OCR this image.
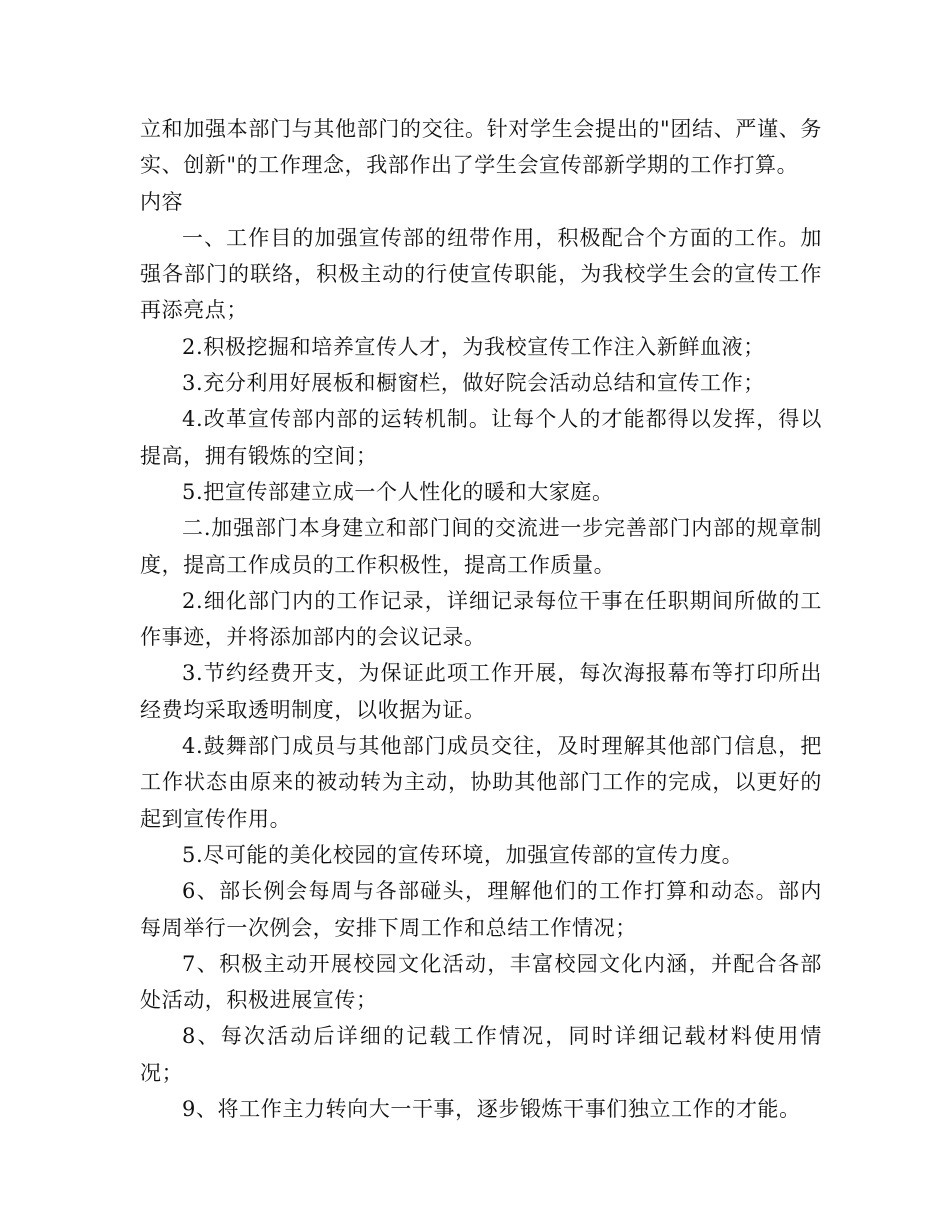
立和加强本部门与其他部门的交往。针对学生会提出的"团结、严谨、务实、创新"的工作理念，我部作出了学生会宣传部新学期的工作打算。

内容

一、工作目的加强宣传部的纽带作用，积极配合个方面的工作。加强各部门的联络，积极主动的行使宣传职能，为我校学生会的宣传工作再添亮点；

2.积极挖掘和培养宣传人才，为我校宣传工作注入新鲜血液；

3.充分利用好展板和橱窗栏，做好院会活动总结和宣传工作；

4.改革宣传部内部的运转机制。让每个人的才能都得以发挥，得以提高，拥有锻炼的空间；

5.把宣传部建立成一个人性化的暖和大家庭。

二.加强部门本身建立和部门间的交流进一步完善部门内部的规章制度，提高工作成员的工作积极性，提高工作质量。

2.细化部门内的工作记录，详细记录每位干事在任职期间所做的工作事迹，并将添加部内的会议记录。

3.节约经费开支，为保证此项工作开展，每次海报幕布等打印所出经费均采取透明制度，以收据为证。

4.鼓舞部门成员与其他部门成员交往，及时理解其他部门信息，把工作状态由原来的被动转为主动，协助其他部门工作的完成，以更好的起到宣传作用。

5.尽可能的美化校园的宣传环境，加强宣传部的宣传力度。

6、部长例会每周与各部碰头，理解他们的工作打算和动态。部内每周举行一次例会，安排下周工作和总结工作情况；

7、积极主动开展校园文化活动，丰富校园文化内涵，并配合各部处活动，积极进展宣传；

8、每次活动后详细的记载工作情况，同时详细记载材料使用情况；

9、将工作主力转向大一干事，逐步锻炼干事们独立工作的才能。
